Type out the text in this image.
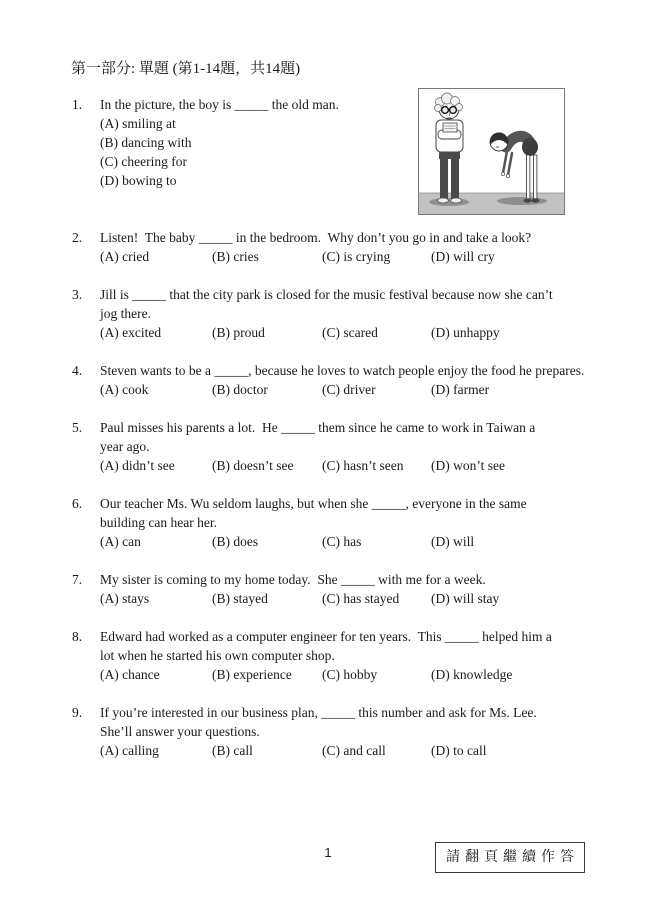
第一部分: 單題 (第1-14題，共14題)
1.	In the picture, the boy is _____ the old man.
(A) smiling at
(B) dancing with
(C) cheering for
(D) bowing to
2.	Listen!  The baby _____ in the bedroom.  Why don’t you go in and take a look?
(A) cried	(B) cries	(C) is crying	(D) will cry
3.	Jill is _____ that the city park is closed for the music festival because now she can’t
jog there.
(A) excited	(B) proud	(C) scared	(D) unhappy
4.	Steven wants to be a _____, because he loves to watch people enjoy the food he prepares.
(A) cook	(B) doctor	(C) driver	(D) farmer
5.	Paul misses his parents a lot.  He _____ them since he came to work in Taiwan a
year ago.
(A) didn’t see	(B) doesn’t see	(C) hasn’t seen	(D) won’t see
6.	Our teacher Ms. Wu seldom laughs, but when she _____, everyone in the same
building can hear her.
(A) can	(B) does	(C) has	(D) will
7.	My sister is coming to my home today.  She _____ with me for a week.
(A) stays	(B) stayed	(C) has stayed	(D) will stay
8.	Edward had worked as a computer engineer for ten years.  This _____ helped him a
lot when he started his own computer shop.
(A) chance	(B) experience	(C) hobby	(D) knowledge
9.	If you’re interested in our business plan, _____ this number and ask for Ms. Lee.
She’ll answer your questions.
(A) calling	(B) call	(C) and call	(D) to call
1	請翻頁繼續作答
